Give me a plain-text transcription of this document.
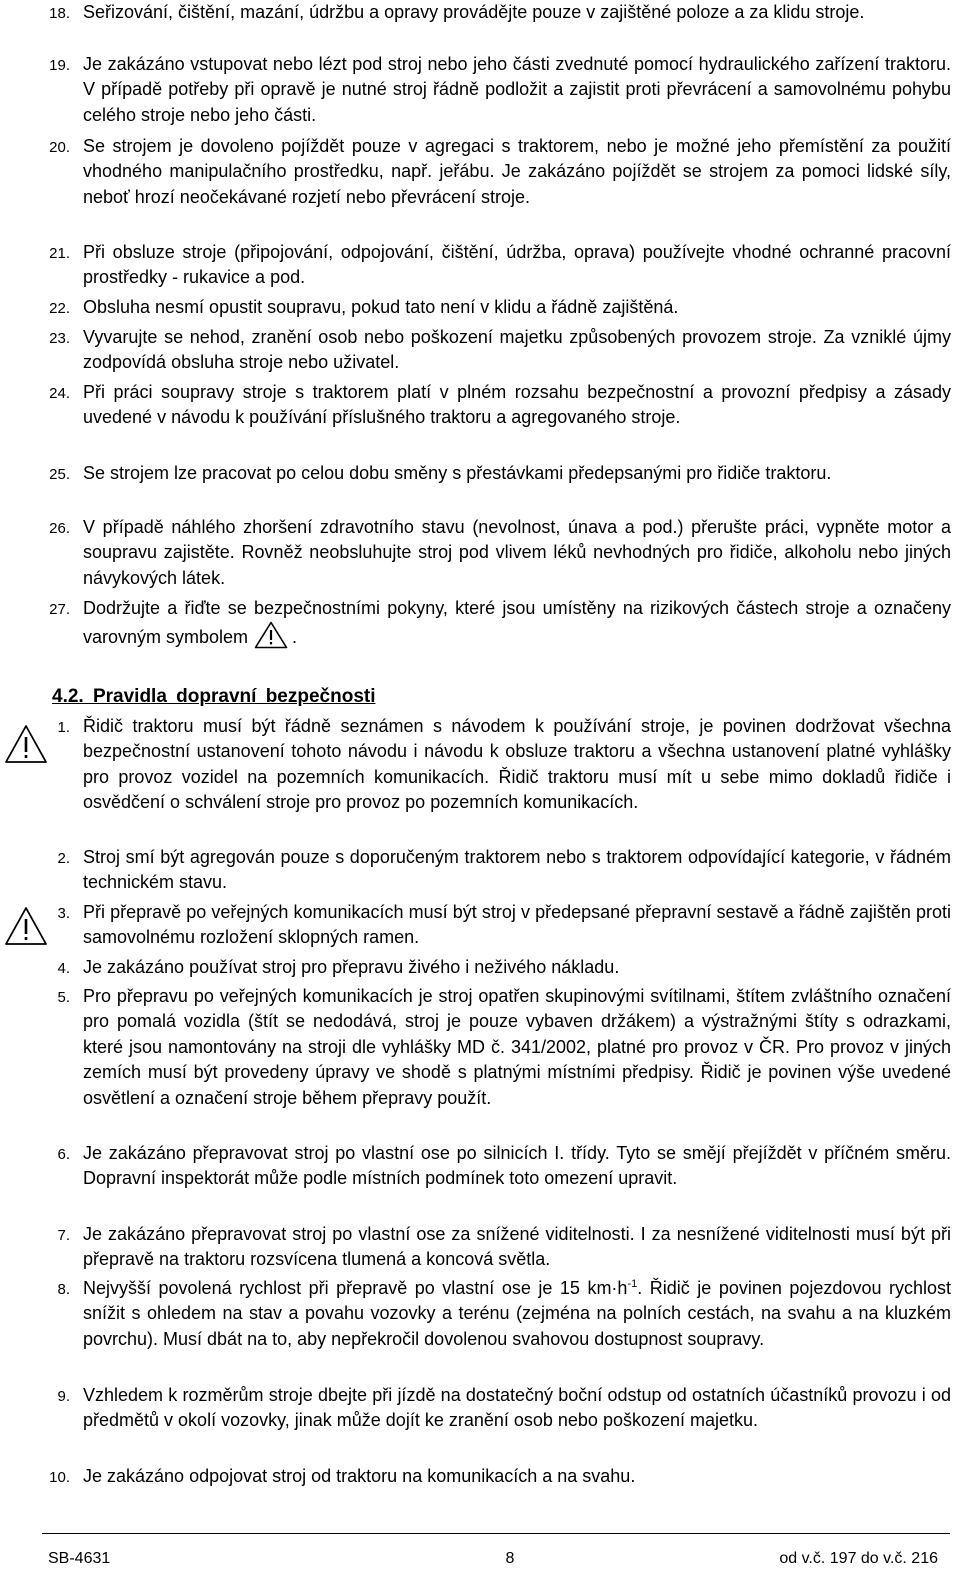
18. Seřizování, čištění, mazání, údržbu a opravy provádějte pouze v zajištěné poloze a za klidu stroje.
19. Je zakázáno vstupovat nebo lézt pod stroj nebo jeho části zvednuté pomocí hydraulického zařízení traktoru. V případě potřeby při opravě je nutné stroj řádně podložit a zajistit proti převrácení a samovolnému pohybu celého stroje nebo jeho části.
20. Se strojem je dovoleno pojíždět pouze v agregaci s traktorem, nebo je možné jeho přemístění za použití vhodného manipulačního prostředku, např. jeřábu. Je zakázáno pojíždět se strojem za pomoci lidské síly, neboť hrozí neočekávané rozjetí nebo převrácení stroje.
21. Při obsluze stroje (připojování, odpojování, čištění, údržba, oprava) používejte vhodné ochranné pracovní prostředky - rukavice a pod.
22. Obsluha nesmí opustit soupravu, pokud tato není v klidu a řádně zajištěná.
23. Vyvarujte se nehod, zranění osob nebo poškození majetku způsobených provozem stroje. Za vzniklé újmy zodpovídá obsluha stroje nebo uživatel.
24. Při práci soupravy stroje s traktorem platí v plném rozsahu bezpečnostní a provozní předpisy a zásady uvedené v návodu k používání příslušného traktoru a agregovaného stroje.
25. Se strojem lze pracovat po celou dobu směny s přestávkami předepsanými pro řidiče traktoru.
26. V případě náhlého zhoršení zdravotního stavu (nevolnost, únava a pod.) přerušte práci, vypněte motor a soupravu zajistěte. Rovněž neobsluhujte stroj pod vlivem léků nevhodných pro řidiče, alkoholu nebo jiných návykových látek.
27. Dodržujte a řiďte se bezpečnostními pokyny, které jsou umístěny na rizikových částech stroje a označeny varovným symbolem .
4.2. Pravidla dopravní bezpečnosti
1. Řidič traktoru musí být řádně seznámen s návodem k používání stroje, je povinen dodržovat všechna bezpečnostní ustanovení tohoto návodu i návodu k obsluze traktoru a všechna ustanovení platné vyhlášky pro provoz vozidel na pozemních komunikacích. Řidič traktoru musí mít u sebe mimo dokladů řidiče i osvědčení o schválení stroje pro provoz po pozemních komunikacích.
2. Stroj smí být agregován pouze s doporučeným traktorem nebo s traktorem odpovídající kategorie, v řádném technickém stavu.
3. Při přepravě po veřejných komunikacích musí být stroj v předepsané přepravní sestavě a řádně zajištěn proti samovolnému rozložení sklopných ramen.
4. Je zakázáno používat stroj pro přepravu živého i neživého nákladu.
5. Pro přepravu po veřejných komunikacích je stroj opatřen skupinovými svítilnami, štítem zvláštního označení pro pomalá vozidla (štít se nedodává, stroj je pouze vybaven držákem) a výstražnými štíty s odrazkami, které jsou namontovány na stroji dle vyhlášky MD č. 341/2002, platné pro provoz v ČR. Pro provoz v jiných zemích musí být provedeny úpravy ve shodě s platnými místními předpisy. Řidič je povinen výše uvedené osvětlení a označení stroje během přepravy použít.
6. Je zakázáno přepravovat stroj po vlastní ose po silnicích I. třídy. Tyto se smějí přejíždět v příčném směru. Dopravní inspektorát může podle místních podmínek toto omezení upravit.
7. Je zakázáno přepravovat stroj po vlastní ose za snížené viditelnosti. I za nesnížené viditelnosti musí být při přepravě na traktoru rozsvícena tlumená a koncová světla.
8. Nejvyšší povolená rychlost při přepravě po vlastní ose je 15 $km\cdot h^{-1}$. Řidič je povinen pojezdovou rychlost snížit s ohledem na stav a povahu vozovky a terénu (zejména na polních cestách, na svahu a na kluzkém povrchu). Musí dbát na to, aby nepřekročil dovolenou svahovou dostupnost soupravy.
9. Vzhledem k rozměrům stroje dbejte při jízdě na dostatečný boční odstup od ostatních účastníků provozu i od předmětů v okolí vozovky, jinak může dojít ke zranění osob nebo poškození majetku.
10. Je zakázáno odpojovat stroj od traktoru na komunikacích a na svahu.
SB-4631	8	od v.č. 197 do v.č. 216
